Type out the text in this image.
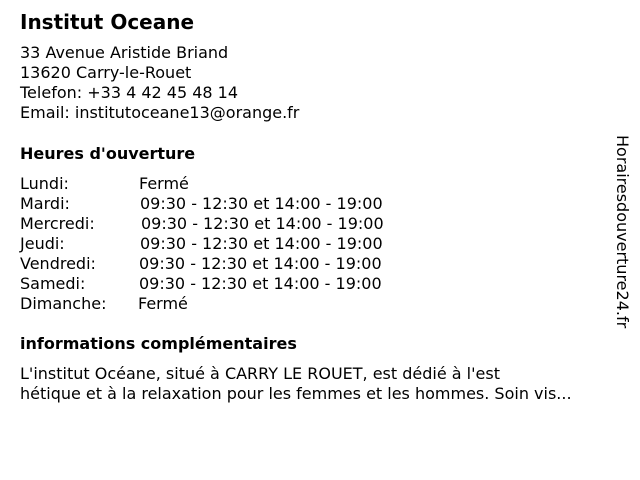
Institut Oceane
33 Avenue Aristide Briand
13620 Carry-le-Rouet
Telefon: +33 4 42 45 48 14
Email: institutoceane13@orange.fr
Heures d'ouverture
Lundi:	Fermé
Mardi:	09:30 - 12:30 et 14:00 - 19:00
Mercredi:	09:30 - 12:30 et 14:00 - 19:00
Jeudi:	09:30 - 12:30 et 14:00 - 19:00
Vendredi:	09:30 - 12:30 et 14:00 - 19:00
Samedi:	09:30 - 12:30 et 14:00 - 19:00
Dimanche: Fermé
informations complémentaires
L'institut Océane, situé à CARRY LE ROUET, est dédié à l'est
hétique et à la relaxation pour les femmes et les hommes. Soin vis...
Horairesdouverture24.fr
